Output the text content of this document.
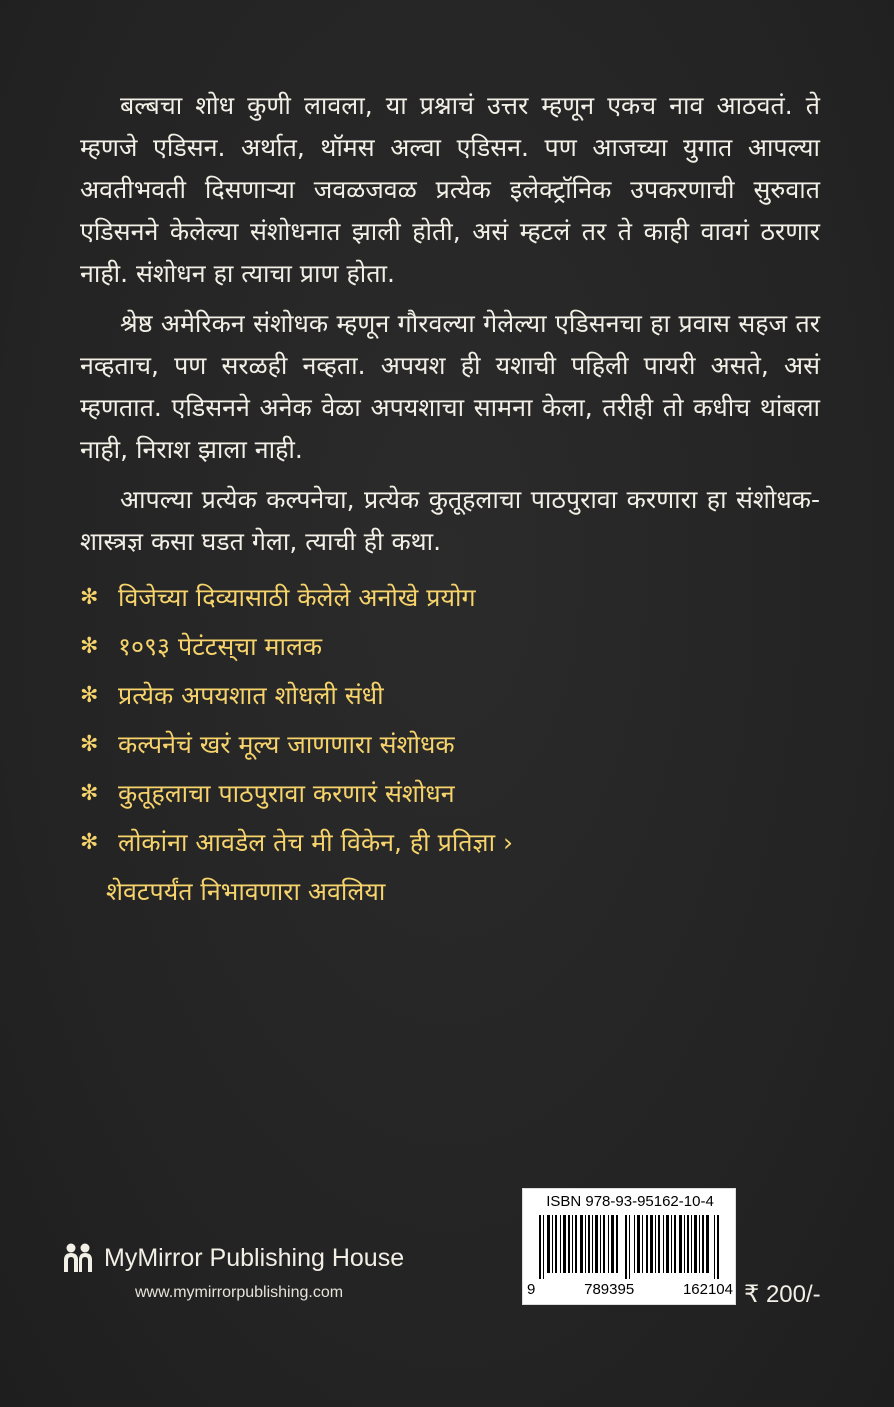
बल्बचा शोध कुणी लावला, या प्रश्नाचं उत्तर म्हणून एकच नाव आठवतं. ते म्हणजे एडिसन. अर्थात, थॉमस अल्वा एडिसन. पण आजच्या युगात आपल्या अवतीभवती दिसणाऱ्या जवळजवळ प्रत्येक इलेक्ट्रॉनिक उपकरणाची सुरुवात एडिसनने केलेल्या संशोधनात झाली होती, असं म्हटलं तर ते काही वावगं ठरणार नाही. संशोधन हा त्याचा प्राण होता.

श्रेष्ठ अमेरिकन संशोधक म्हणून गौरवल्या गेलेल्या एडिसनचा हा प्रवास सहज तर नव्हताच, पण सरळही नव्हता. अपयश ही यशाची पहिली पायरी असते, असं म्हणतात. एडिसनने अनेक वेळा अपयशाचा सामना केला, तरीही तो कधीच थांबला नाही, निराश झाला नाही.

आपल्या प्रत्येक कल्पनेचा, प्रत्येक कुतूहलाचा पाठपुरावा करणारा हा संशोधक-शास्त्रज्ञ कसा घडत गेला, त्याची ही कथा.

✻ विजेच्या दिव्यासाठी केलेले अनोखे प्रयोग
✻ १०९३ पेटंटस्‌चा मालक
✻ प्रत्येक अपयशात शोधली संधी
✻ कल्पनेचं खरं मूल्य जाणणारा संशोधक
✻ कुतूहलाचा पाठपुरावा करणारं संशोधन
✻ लोकांना आवडेल तेच मी विकेन, ही प्रतिज्ञा ›
शेवटपर्यंत निभावणारा अवलिया
MyMirror Publishing House
www.mymirrorpublishing.com
ISBN 978-93-95162-10-4
9	789395	162104 ₹ 200/-
